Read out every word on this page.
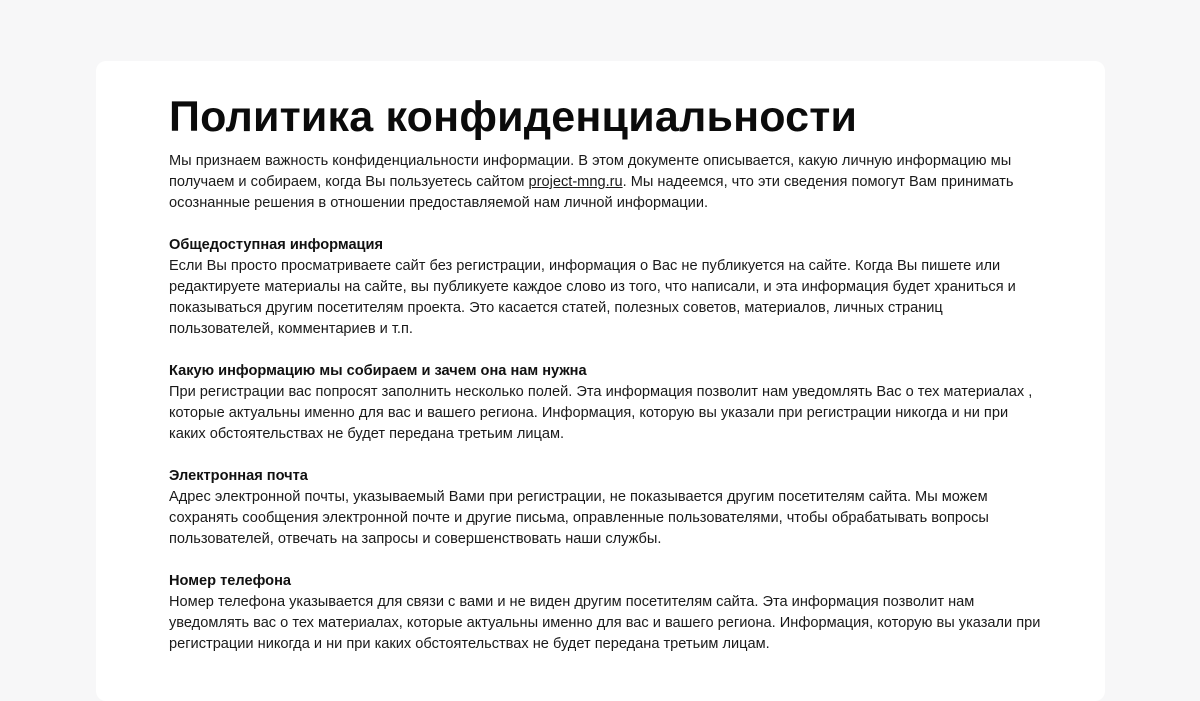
Политика конфиденциальности

Мы признаем важность конфиденциальности информации. В этом документе описывается, какую личную информацию мы получаем и собираем, когда Вы пользуетесь сайтом project-mng.ru. Мы надеемся, что эти сведения помогут Вам принимать осознанные решения в отношении предоставляемой нам личной информации.

Общедоступная информация

Если Вы просто просматриваете сайт без регистрации, информация о Вас не публикуется на сайте. Когда Вы пишете или редактируете материалы на сайте, вы публикуете каждое слово из того, что написали, и эта информация будет храниться и показываться другим посетителям проекта. Это касается статей, полезных советов, материалов, личных страниц пользователей, комментариев и т.п.

Какую информацию мы собираем и зачем она нам нужна

При регистрации вас попросят заполнить несколько полей. Эта информация позволит нам уведомлять Вас о тех материалах , которые актуальны именно для вас и вашего региона. Информация, которую вы указали при регистрации никогда и ни при каких обстоятельствах не будет передана третьим лицам.

Электронная почта

Адрес электронной почты, указываемый Вами при регистрации, не показывается другим посетителям сайта. Мы можем сохранять сообщения электронной почте и другие письма, оправленные пользователями, чтобы обрабатывать вопросы пользователей, отвечать на запросы и совершенствовать наши службы.

Номер телефона

Номер телефона указывается для связи с вами и не виден другим посетителям сайта. Эта информация позволит нам уведомлять вас о тех материалах, которые актуальны именно для вас и вашего региона. Информация, которую вы указали при регистрации никогда и ни при каких обстоятельствах не будет передана третьим лицам.
